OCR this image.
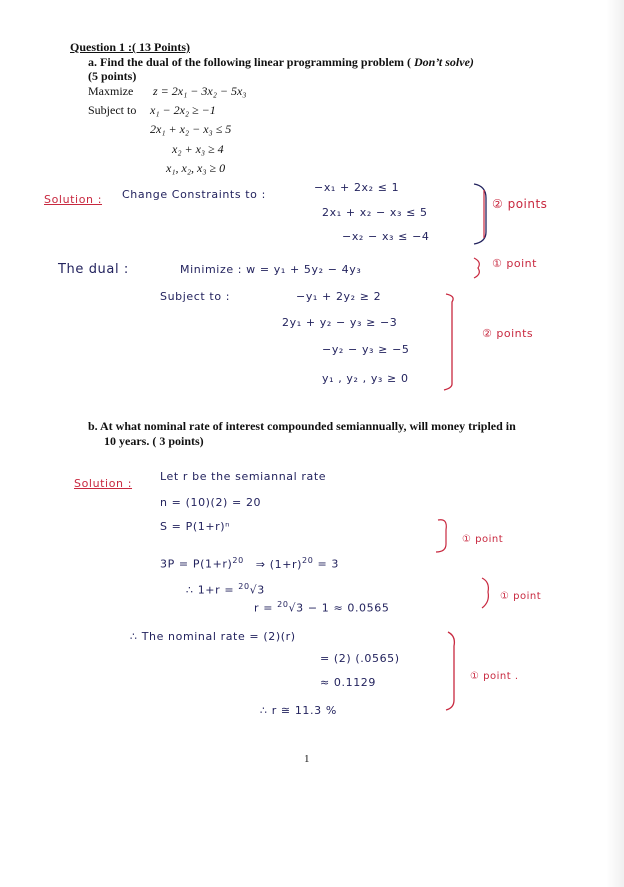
Question 1 :( 13 Points)
a. Find the dual of the following linear programming problem ( Don’t solve)
(5 points)
Maxmize z = 2x₁ − 3x₂ − 5x₃
Subject to x₁ − 2x₂ ≥ −1
2x₁ + x₂ − x₃ ≤ 5
x₂ + x₃ ≥ 4
x₁, x₂, x₃ ≥ 0
Solution : Change Constraints to :
−x₁ + 2x₂ ≤ 1
2x₁ + x₂ − x₃ ≤ 5
−x₂ − x₃ ≤ −4
② points
The dual :	Minimize : w = y₁ + 5y₂ − 4y₃	① point
Subject to :	−y₁ + 2y₂ ≥ 2
2y₁ + y₂ − y₃ ≥ −3
−y₂ − y₃ ≥ −5
y₁ , y₂ , y₃ ≥ 0
② points
b. At what nominal rate of interest compounded semiannually, will money tripled in
10 years. ( 3 points)
Solution :
Let r be the semiannal rate
n = (10)(2) = 20
S = P(1+r)ⁿ
$3P = P(1+r)^{20}$ ⇒ $(1+r)^{20} = 3$
∴ 1+r = $^{20}$√3
r = $^{20}$√3 − 1 ≈ 0.0565
① point
① point
∴ The nominal rate = (2)(r)
= (2) (.0565)
≈ 0.1129
∴ r ≅ 11.3 %
① point .
1
